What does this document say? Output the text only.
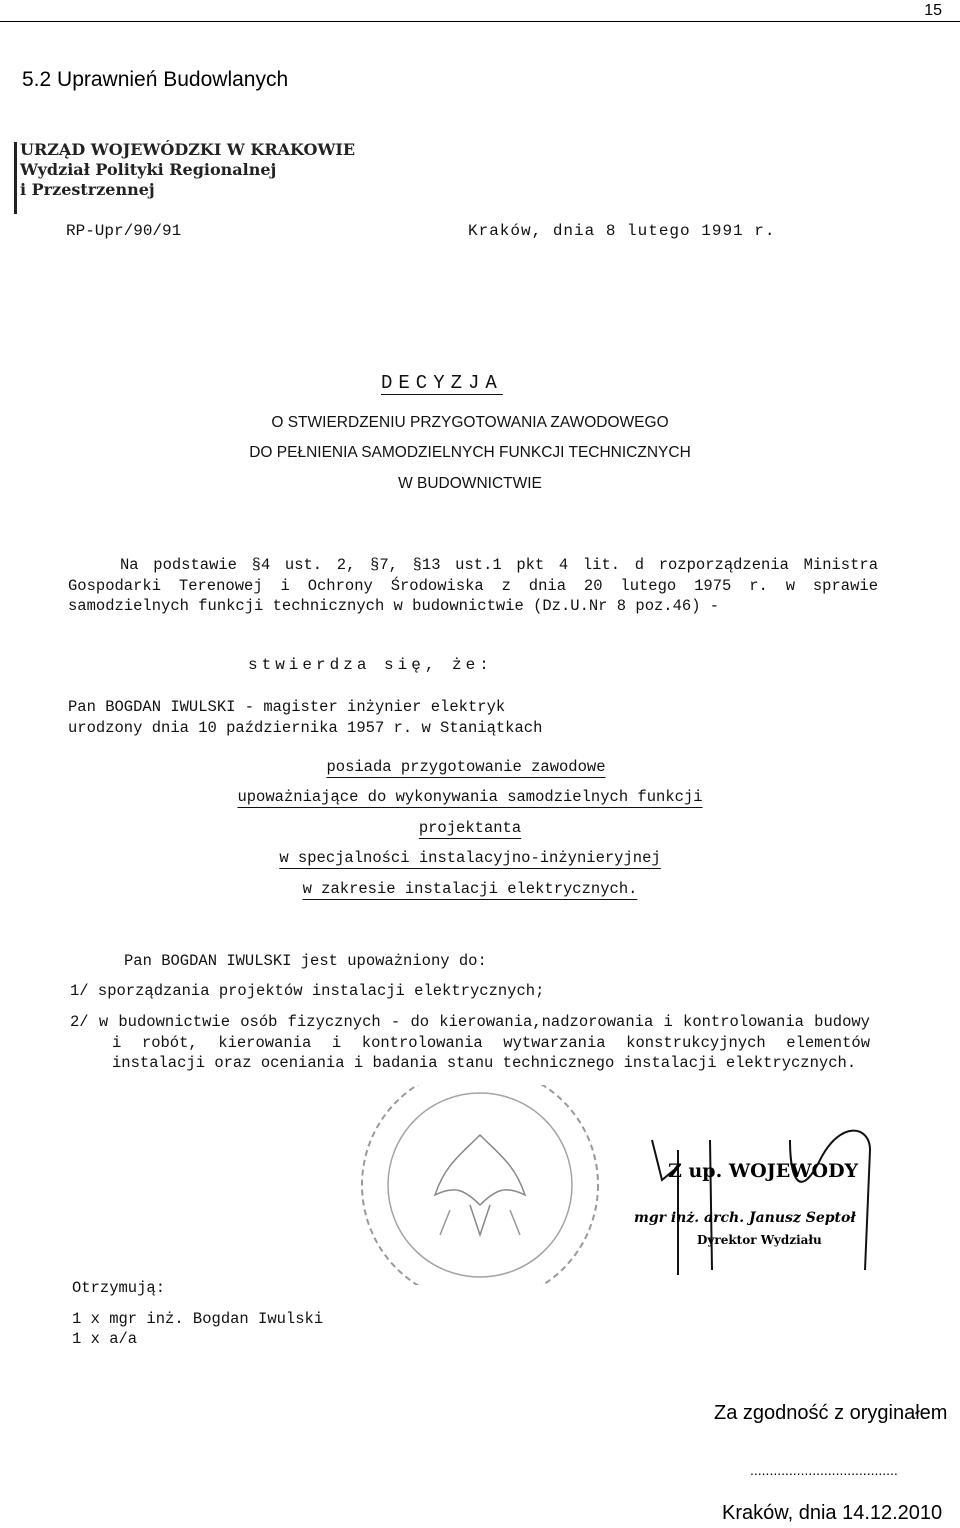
15
5.2 Uprawnień Budowlanych
URZĄD WOJEWÓDZKI W KRAKOWIE
Wydział Polityki Regionalnej
i Przestrzennej
RP-Upr/90/91	Kraków, dnia 8 lutego 1991 r.
DECYZJA
O STWIERDZENIU PRZYGOTOWANIA ZAWODOWEGO
DO PEŁNIENIA SAMODZIELNYCH FUNKCJI TECHNICZNYCH
W BUDOWNICTWIE
Na podstawie §4 ust. 2, §7, §13 ust.1 pkt 4 lit. d rozporządzenia Ministra Gospodarki Terenowej i Ochrony Środowiska z dnia 20 lutego 1975 r. w sprawie samodzielnych funkcji technicznych w budownictwie (Dz.U.Nr 8 poz.46) -
stwierdza się, że:
Pan BOGDAN IWULSKI - magister inżynier elektryk
urodzony dnia 10 października 1957 r. w Staniątkach
posiada przygotowanie zawodowe
upoważniające do wykonywania samodzielnych funkcji
projektanta
w specjalności instalacyjno-inżynieryjnej
w zakresie instalacji elektrycznych.
Pan BOGDAN IWULSKI jest upoważniony do:
1/ sporządzania projektów instalacji elektrycznych;
2/ w budownictwie osób fizycznych - do kierowania,nadzorowania i kontrolowania budowy i robót, kierowania i kontrolowania wytwarzania konstrukcyjnych elementów instalacji oraz oceniania i badania stanu technicznego instalacji elektrycznych.
Z up. WOJEWODY
mgr inż. arch. Janusz Septoł
Dyrektor Wydziału
Otrzymują:
1 x mgr inż. Bogdan Iwulski
1 x a/a
Za zgodność z oryginałem
......................................
Kraków, dnia 14.12.2010
